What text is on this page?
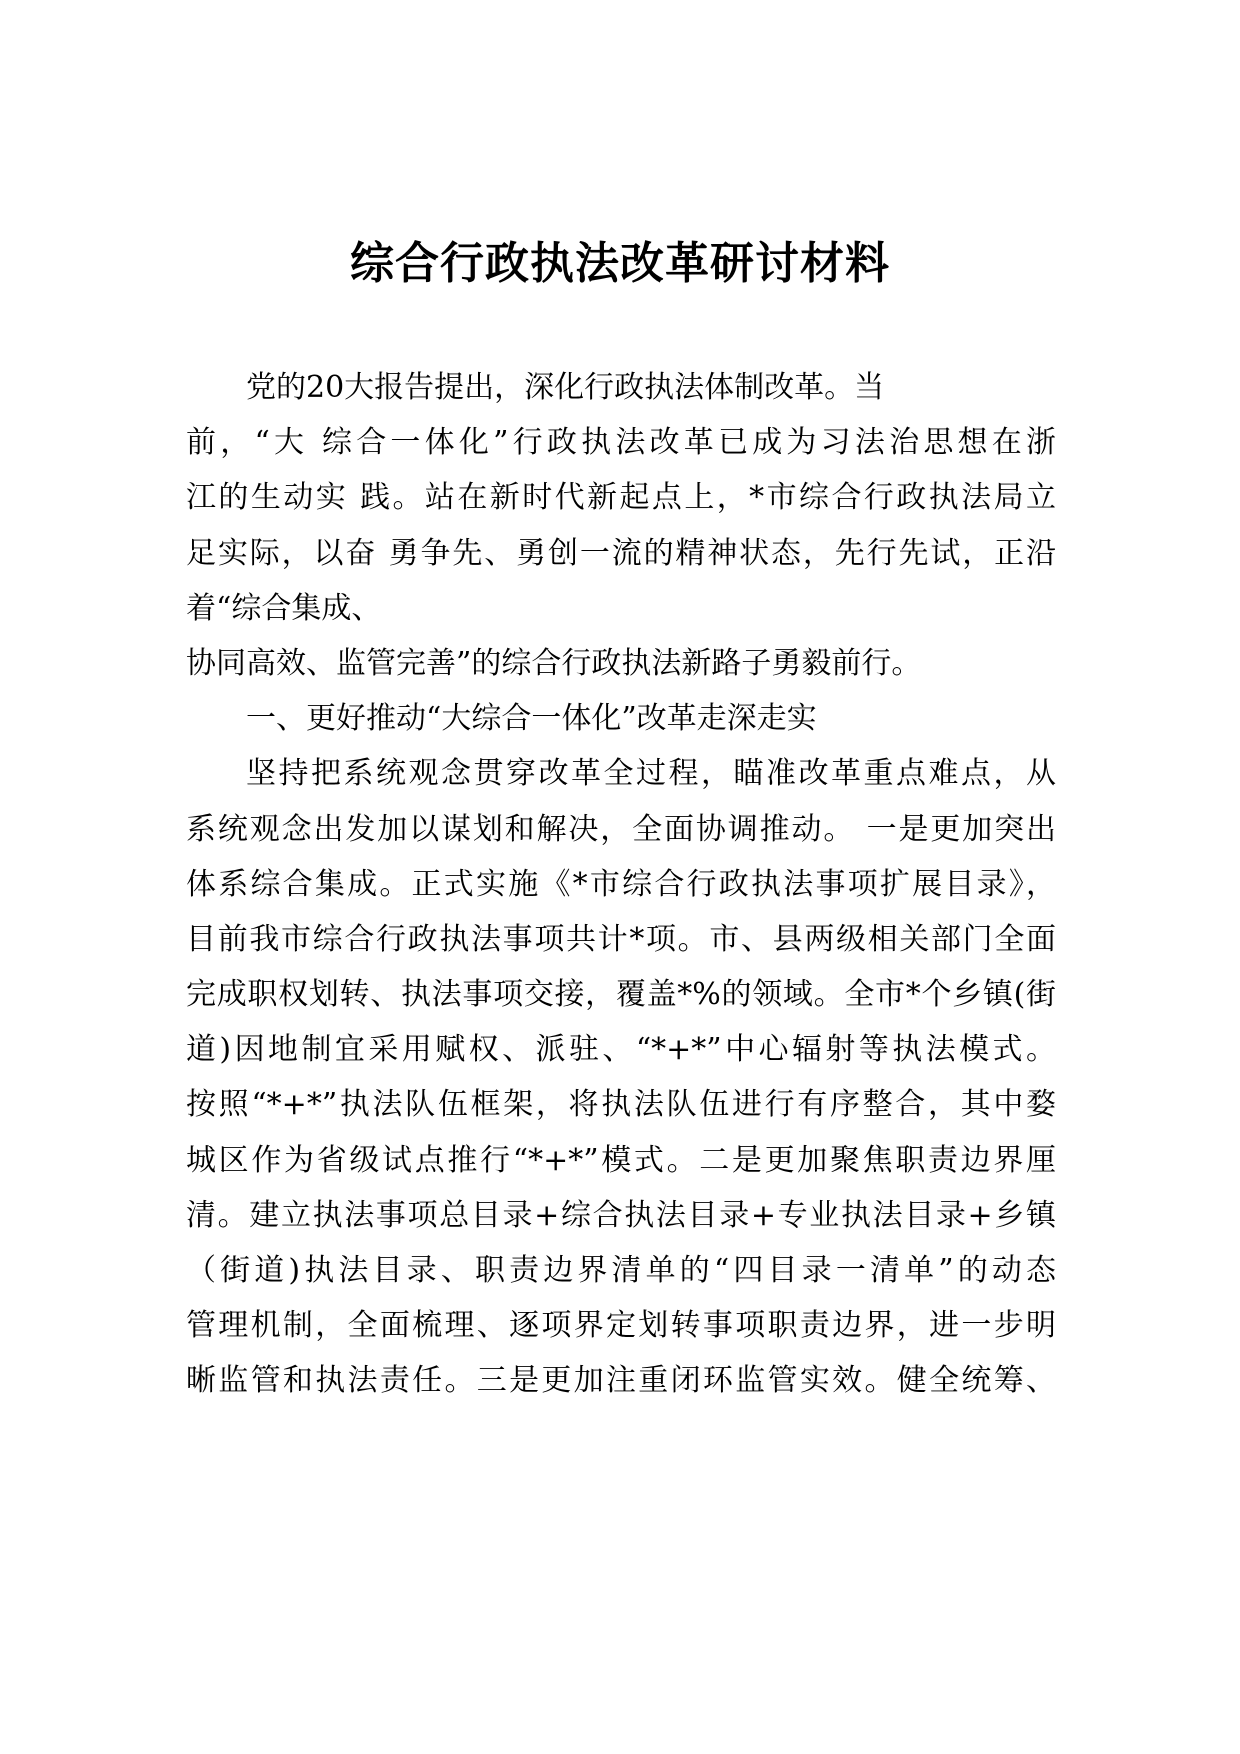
综合行政执法改革研讨材料
党的20大报告提出，深化行政执法体制改革。当
前，“大 综合一体化”行政执法改革已成为习法治思想在浙
江的生动实 践。站在新时代新起点上，*市综合行政执法局立
足实际，以奋 勇争先、勇创一流的精神状态，先行先试，正沿
着“综合集成、
协同高效、监管完善”的综合行政执法新路子勇毅前行。
一、更好推动“大综合一体化”改革走深走实
坚持把系统观念贯穿改革全过程，瞄准改革重点难点，从
系统观念出发加以谋划和解决，全面协调推动。 一是更加突出
体系综合集成。正式实施《*市综合行政执法事项扩展目录》，
目前我市综合行政执法事项共计*项。市、县两级相关部门全面
完成职权划转、执法事项交接，覆盖*%的领域。全市*个乡镇(街
道)因地制宜采用赋权、派驻、“*+*”中心辐射等执法模式。
按照“*+*”执法队伍框架，将执法队伍进行有序整合，其中婺
城区作为省级试点推行“*+*”模式。二是更加聚焦职责边界厘
清。建立执法事项总目录+综合执法目录+专业执法目录+乡镇
（街道)执法目录、职责边界清单的“四目录一清单”的动态
管理机制，全面梳理、逐项界定划转事项职责边界，进一步明
晰监管和执法责任。三是更加注重闭环监管实效。健全统筹、
